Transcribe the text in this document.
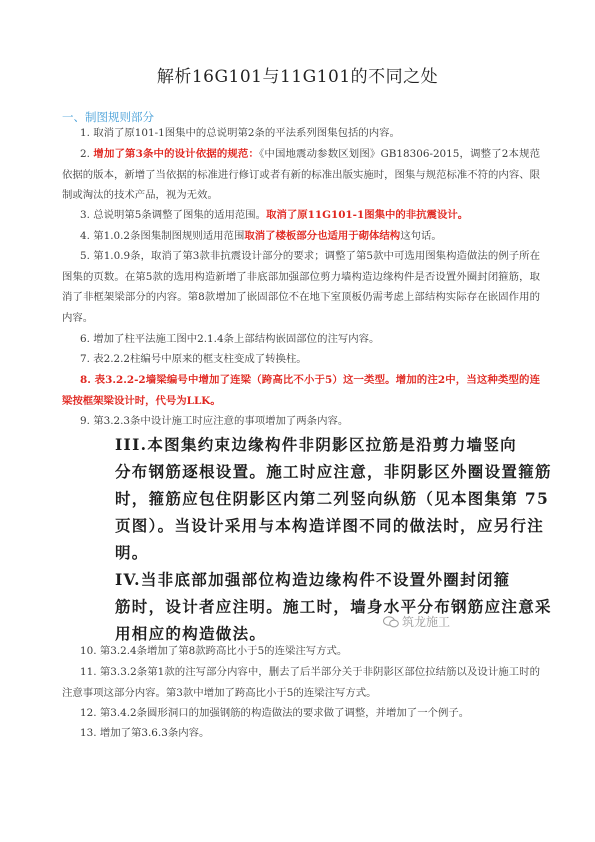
解析16G101与11G101的不同之处
一、制图规则部分

1. 取消了原101-1图集中的总说明第2条的平法系列图集包括的内容。

2. 增加了第3条中的设计依据的规范：《中国地震动参数区划图》GB18306-2015，调整了2本规范依据的版本，新增了当依据的标准进行修订或者有新的标准出版实施时，图集与规范标准不符的内容、限制或淘汰的技术产品，视为无效。

3. 总说明第5条调整了图集的适用范围。取消了原11G101-1图集中的非抗震设计。

4. 第1.0.2条图集制图规则适用范围取消了楼板部分也适用于砌体结构这句话。

5. 第1.0.9条，取消了第3款非抗震设计部分的要求；调整了第5款中可选用图集构造做法的例子所在图集的页数。在第5款的选用构造新增了非底部加强部位剪力墙构造边缘构件是否设置外圈封闭箍筋，取消了非框架梁部分的内容。第8款增加了嵌固部位不在地下室顶板仍需考虑上部结构实际存在嵌固作用的内容。

6. 增加了柱平法施工图中2.1.4条上部结构嵌固部位的注写内容。

7. 表2.2.2柱编号中原来的框支柱变成了转换柱。

8. 表3.2.2-2墙梁编号中增加了连梁（跨高比不小于5）这一类型。增加的注2中，当这种类型的连梁按框架梁设计时，代号为LLK。

9. 第3.2.3条中设计施工时应注意的事项增加了两条内容。

III.本图集约束边缘构件非阴影区拉筋是沿剪力墙竖向
分布钢筋逐根设置。施工时应注意，非阴影区外圈设置箍筋
时，箍筋应包住阴影区内第二列竖向纵筋（见本图集第 75
页图）。当设计采用与本构造详图不同的做法时，应另行注
明。
IV.当非底部加强部位构造边缘构件不设置外圈封闭箍
筋时，设计者应注明。施工时，墙身水平分布钢筋应注意采
用相应的构造做法。
筑龙施工

10. 第3.2.4条增加了第8款跨高比小于5的连梁注写方式。

11. 第3.3.2条第1款的注写部分内容中，删去了后半部分关于非阴影区部位拉结筋以及设计施工时的注意事项这部分内容。第3款中增加了跨高比小于5的连梁注写方式。

12. 第3.4.2条圆形洞口的加强钢筋的构造做法的要求做了调整，并增加了一个例子。

13. 增加了第3.6.3条内容。
